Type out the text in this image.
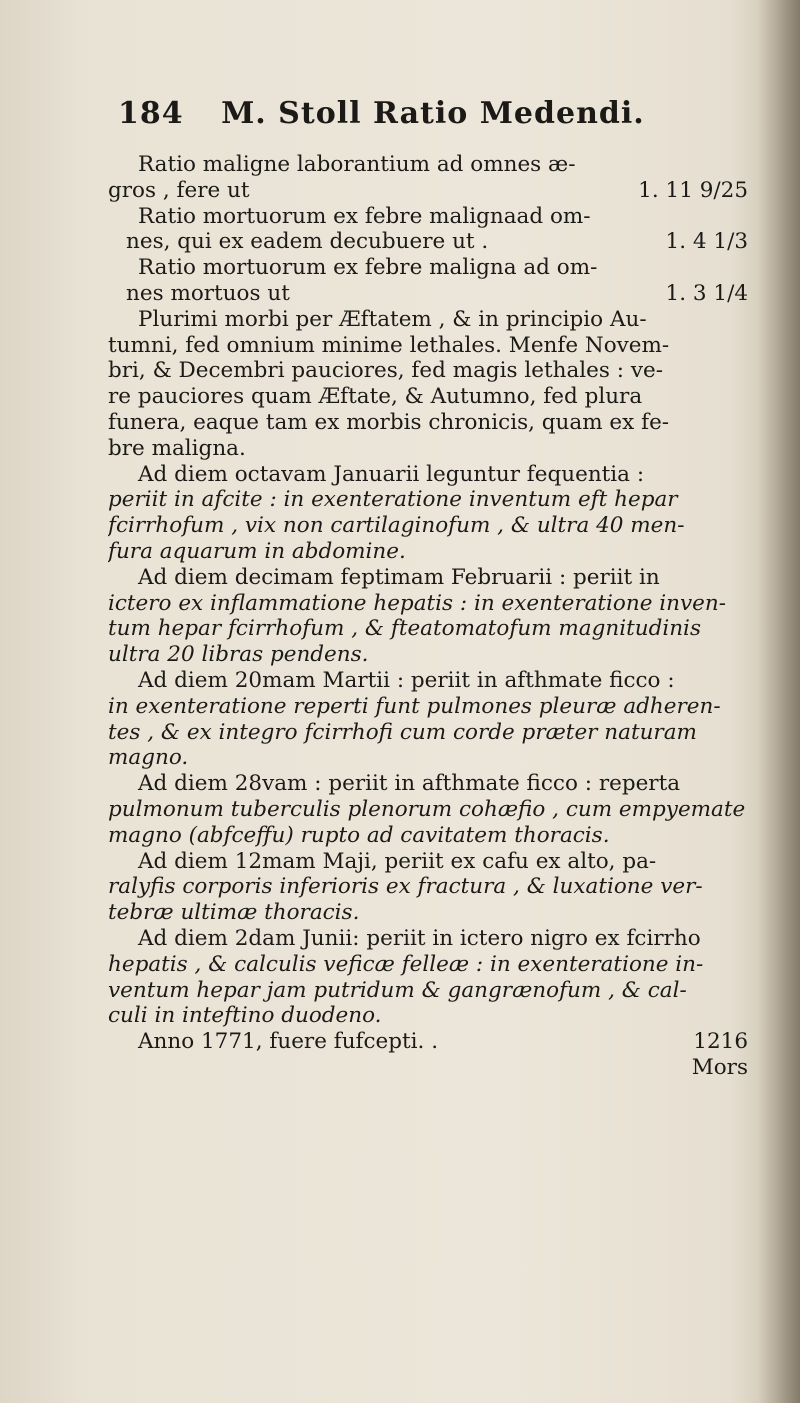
184 M. Stoll Ratio Medendi.
Ratio maligne laborantium ad omnes æ-
gros , fere ut	1. 11 9/25
Ratio mortuorum ex febre malignaad om-
nes, qui ex eadem decubuere ut .	1. 4 1/3
Ratio mortuorum ex febre maligna ad om-
nes mortuos ut	1. 3 1/4
Plurimi morbi per Æftatem , & in principio Au-
tumni, fed omnium minime lethales. Menfe Novem-
bri, & Decembri pauciores, fed magis lethales : ve-
re pauciores quam Æftate, & Autumno, fed plura
funera, eaque tam ex morbis chronicis, quam ex fe-
bre maligna.
Ad diem octavam Januarii leguntur fequentia :
periit in afcite : in exenteratione inventum eft hepar
fcirrhofum , vix non cartilaginofum , & ultra 40 men-
fura aquarum in abdomine.
Ad diem decimam feptimam Februarii : periit in
ictero ex inflammatione hepatis : in exenteratione inven-
tum hepar fcirrhofum , & fteatomatofum magnitudinis
ultra 20 libras pendens.
Ad diem 20mam Martii : periit in afthmate ficco :
in exenteratione reperti funt pulmones pleuræ adheren-
tes , & ex integro fcirrhofi cum corde præter naturam
magno.
Ad diem 28vam : periit in afthmate ficco : reperta
pulmonum tuberculis plenorum cohæfio , cum empyemate
magno (abfceffu) rupto ad cavitatem thoracis.
Ad diem 12mam Maji, periit ex cafu ex alto, pa-
ralyfis corporis inferioris ex fractura , & luxatione ver-
tebræ ultimæ thoracis.
Ad diem 2dam Junii: periit in ictero nigro ex fcirrho
hepatis , & calculis veficæ felleæ : in exenteratione in-
ventum hepar jam putridum & gangrænofum , & cal-
culi in inteftino duodeno.
Anno 1771, fuere fufcepti. .	1216
Mors
